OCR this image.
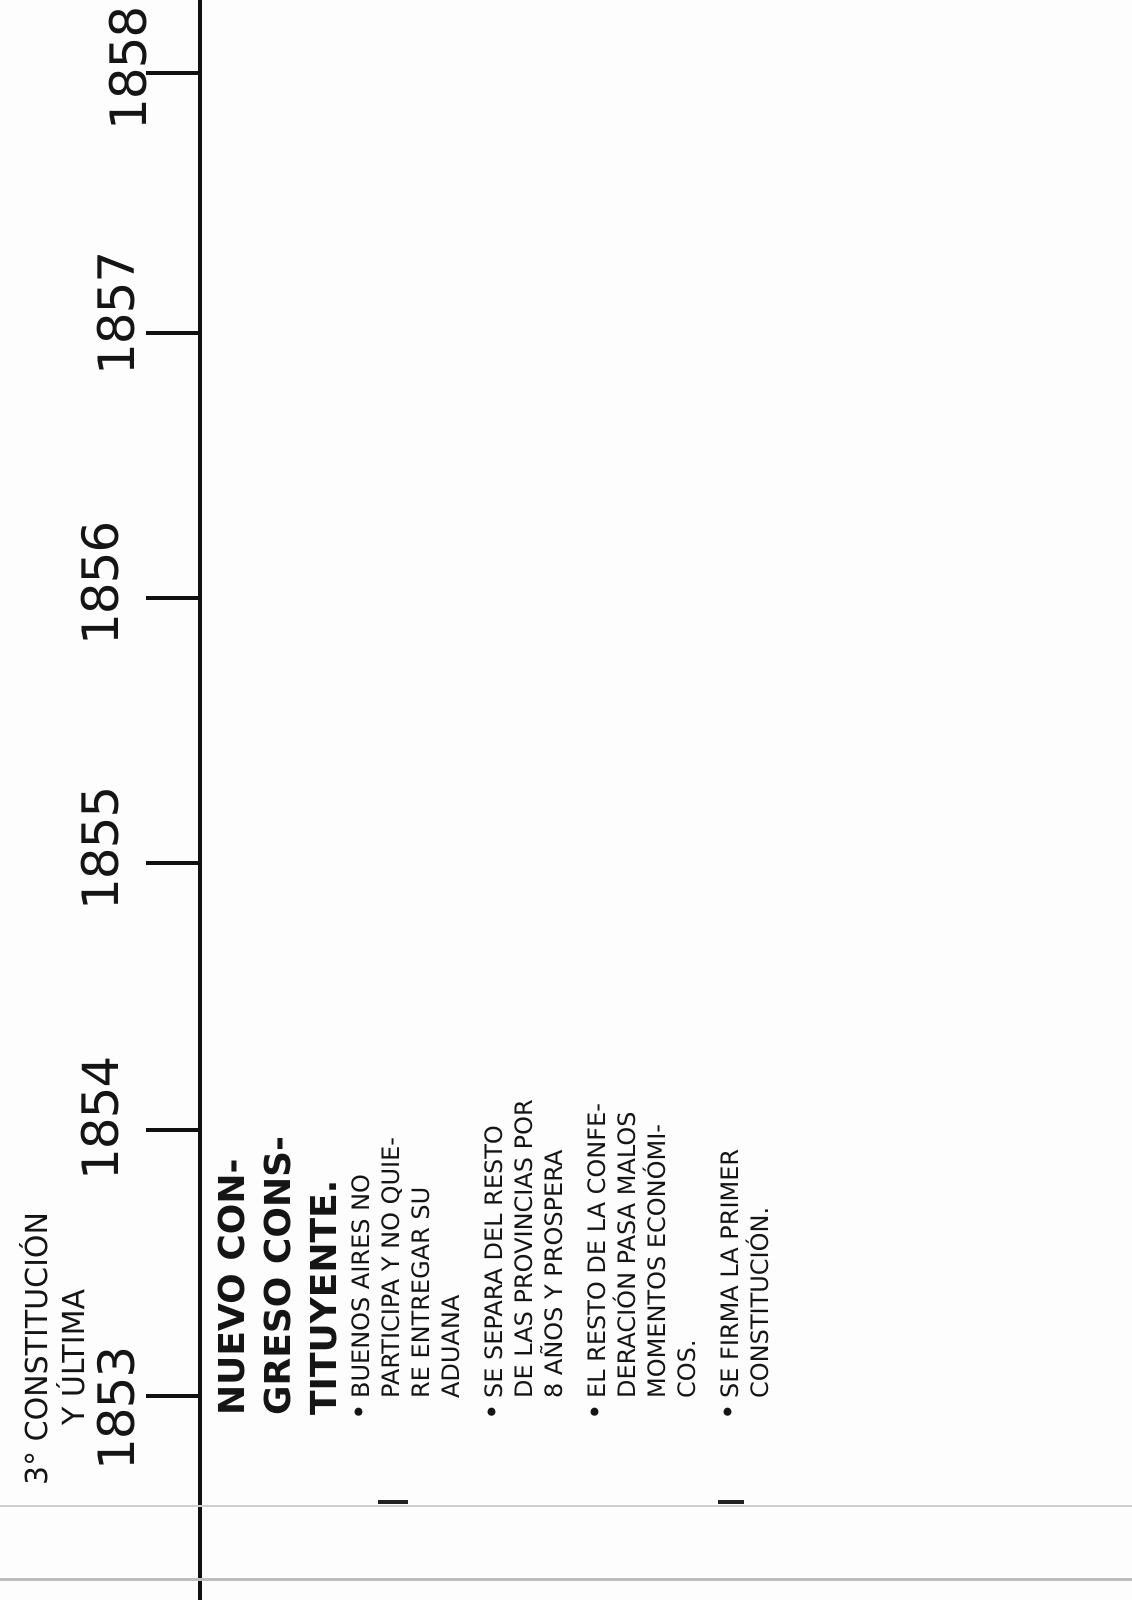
1853
1854
1855
1856
1857
1858
3° CONSTITUCIÓN Y ÚLTIMA	NUEVO CON- GRESO CONS- TITUYENTE.
•BUENOS AIRES NO PARTICIPA Y NO QUIE- RE ENTREGAR SU ADUANA
•SE SEPARA DEL RESTO DE LAS PROVINCIAS POR 8 AÑOS Y PROSPERA
•EL RESTO DE LA CONFE- DERACIÓN PASA MALOS MOMENTOS ECONÓMI- COS.
•SE FIRMA LA PRIMER CONSTITUCIÓN.
